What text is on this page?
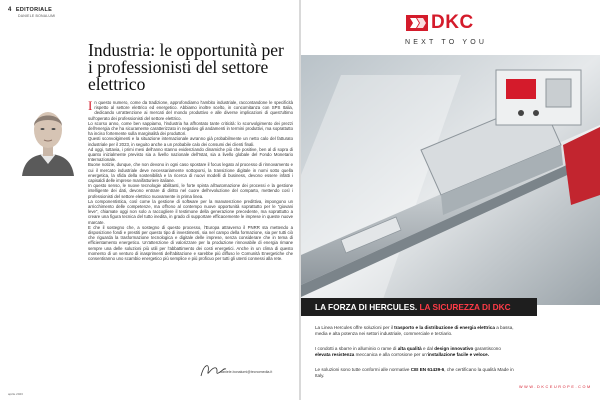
4 EDITORIALE
DANIELE BONALUMI
Industria: le opportunità per i professionisti del settore elettrico

In questo numero, come da tradizione, approfondiamo l'ambito industriale, raccontandone le specificità rispetto al settore elettrico ed energetico. Abbiamo inoltre scelto, in concomitanza con SPS Italia, dedicando un'attenzione ai mercati del mondo produttivo e alle diverse implicazioni di quest'ultimo sull'operato dei professionisti del settore elettrico.

Lo scorso anno, come ben sappiamo, l'industria ha affrontato tante criticità: lo sconvolgimento dei prezzi dell'energia che ha sicuramente caratterizzato in negativo gli andamenti in termini produttivi, ma soprattutto ha inciso fortemente sulla marginalità dei produttori.

Questi sconvolgimenti e la situazione internazionale avranno già probabilmente un netto calo del fatturato industriale per il 2023, in seguito anche a un probabile calo dei consumi dei clienti finali.

Ad oggi, tuttavia, i primi mesi dell'anno stanno evidenziando dinamiche più che positive, ben al di sopra di quanto inizialmente previsto sia a livello nazionale dell'Istat, sia a livello globale del Fondo Monetario Internazionale.

Buone notizie, dunque, che non devono in ogni caso spostare il focus legato al processo di rinnovamento e cui il mercato industriale deve necessariamente sottoporsi, la transizione digitale in nomi sotto quella energetica, la sfida della sostenibilità e la ricerca di nuovi modelli di business, devono essere infatti i capisaldi delle imprese manifatturiere italiane.

In questo senso, le nuove tecnologie abilitanti, le forte spinta all'automazione dei processi e la gestione intelligente dei dati, devono entrare di diritto nel cuore dell'evoluzione del comparto, mettendo così i professionisti del settore elettrico nuovamente in prima linea.

La componentistica, così come la gestione di software per la manutenzione predittiva, impongono un arricchimento delle competenze, ma offrono al contempo nuove opportunità soprattutto per le "giovani leve", chiamate oggi non solo a raccogliere il testimone della generazione precedente, ma soprattutto a creare una figura tecnica del tutto inedita, in grado di supportare efficacemente le imprese in queste nuove marcate.

E che il sostegno che, a sostegno di questo processo, l'Europa attraverso il PNRR sta mettendo a disposizione fondi e prestiti per questo tipo di investimenti, sia nel campo della formazione, sia per tutti ciò che riguarda la trasformazione tecnologica e digitale delle imprese, senza considerare che in tema di efficientamento energetico. Un'attenzione di valorizzare per la produzione rinnovabile di energia rimane sempre una delle soluzioni più utili per l'abbattimento dei costi energetici. Anche in un clima di questo momento di un venturo di inasprimenti dell'abitazione e sarebbe più diffuso le Comunità Energetiche che consentiranno uno scambio energetico più semplice e più proficuo per tutti gli utenti connessi alla rete.

daniele.bonalumi@tecnomedia.it
aprile 2023
DKC
NEXT TO YOU
LA FORZA DI HERCULES. LA SICUREZZA DI DKC
La Linea Hercules offre soluzioni per il trasporto e la distribuzione di energia elettrica a bassa, media e alta potenza nei settori industriale, commerciale e terziario.
I condotti a sbarre in alluminio o rame di alta qualità e dal design innovativo garantiscono elevata resistenza meccanica e alla corrosione per un'installazione facile e veloce.
Le soluzioni sono tutte conformi alle normative CEI EN 61439-6, che certificano la qualità Made in Italy.
WWW.DKCEUROPE.COM
